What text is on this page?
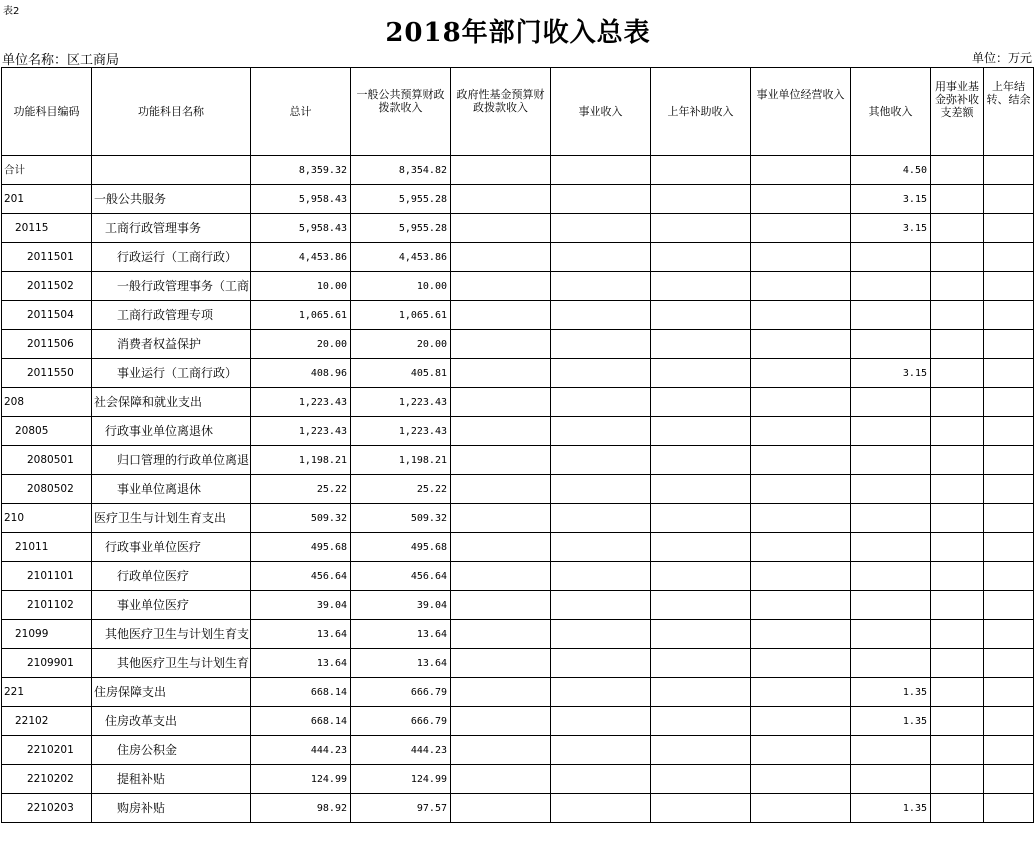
表2
2018年部门收入总表
单位名称：区工商局	单位：万元
功能科目编码	功能科目名称	总计	一般公共预算财政拨款收入	政府性基金预算财政拨款收入	事业收入	上年补助收入	事业单位经营收入	其他收入	用事业基金弥补收支差额	上年结转、结余
合计		8,359.32	8,354.82					4.50		
201	一般公共服务	5,958.43	5,955.28					3.15		
20115	工商行政管理事务	5,958.43	5,955.28					3.15		
2011501	行政运行（工商行政）	4,453.86	4,453.86							
2011502	一般行政管理事务（工商	10.00	10.00							
2011504	工商行政管理专项	1,065.61	1,065.61							
2011506	消费者权益保护	20.00	20.00							
2011550	事业运行（工商行政）	408.96	405.81					3.15		
208	社会保障和就业支出	1,223.43	1,223.43							
20805	行政事业单位离退休	1,223.43	1,223.43							
2080501	归口管理的行政单位离退	1,198.21	1,198.21							
2080502	事业单位离退休	25.22	25.22							
210	医疗卫生与计划生育支出	509.32	509.32							
21011	行政事业单位医疗	495.68	495.68							
2101101	行政单位医疗	456.64	456.64							
2101102	事业单位医疗	39.04	39.04							
21099	其他医疗卫生与计划生育支	13.64	13.64							
2109901	其他医疗卫生与计划生育	13.64	13.64							
221	住房保障支出	668.14	666.79					1.35		
22102	住房改革支出	668.14	666.79					1.35		
2210201	住房公积金	444.23	444.23							
2210202	提租补贴	124.99	124.99							
2210203	购房补贴	98.92	97.57					1.35		
